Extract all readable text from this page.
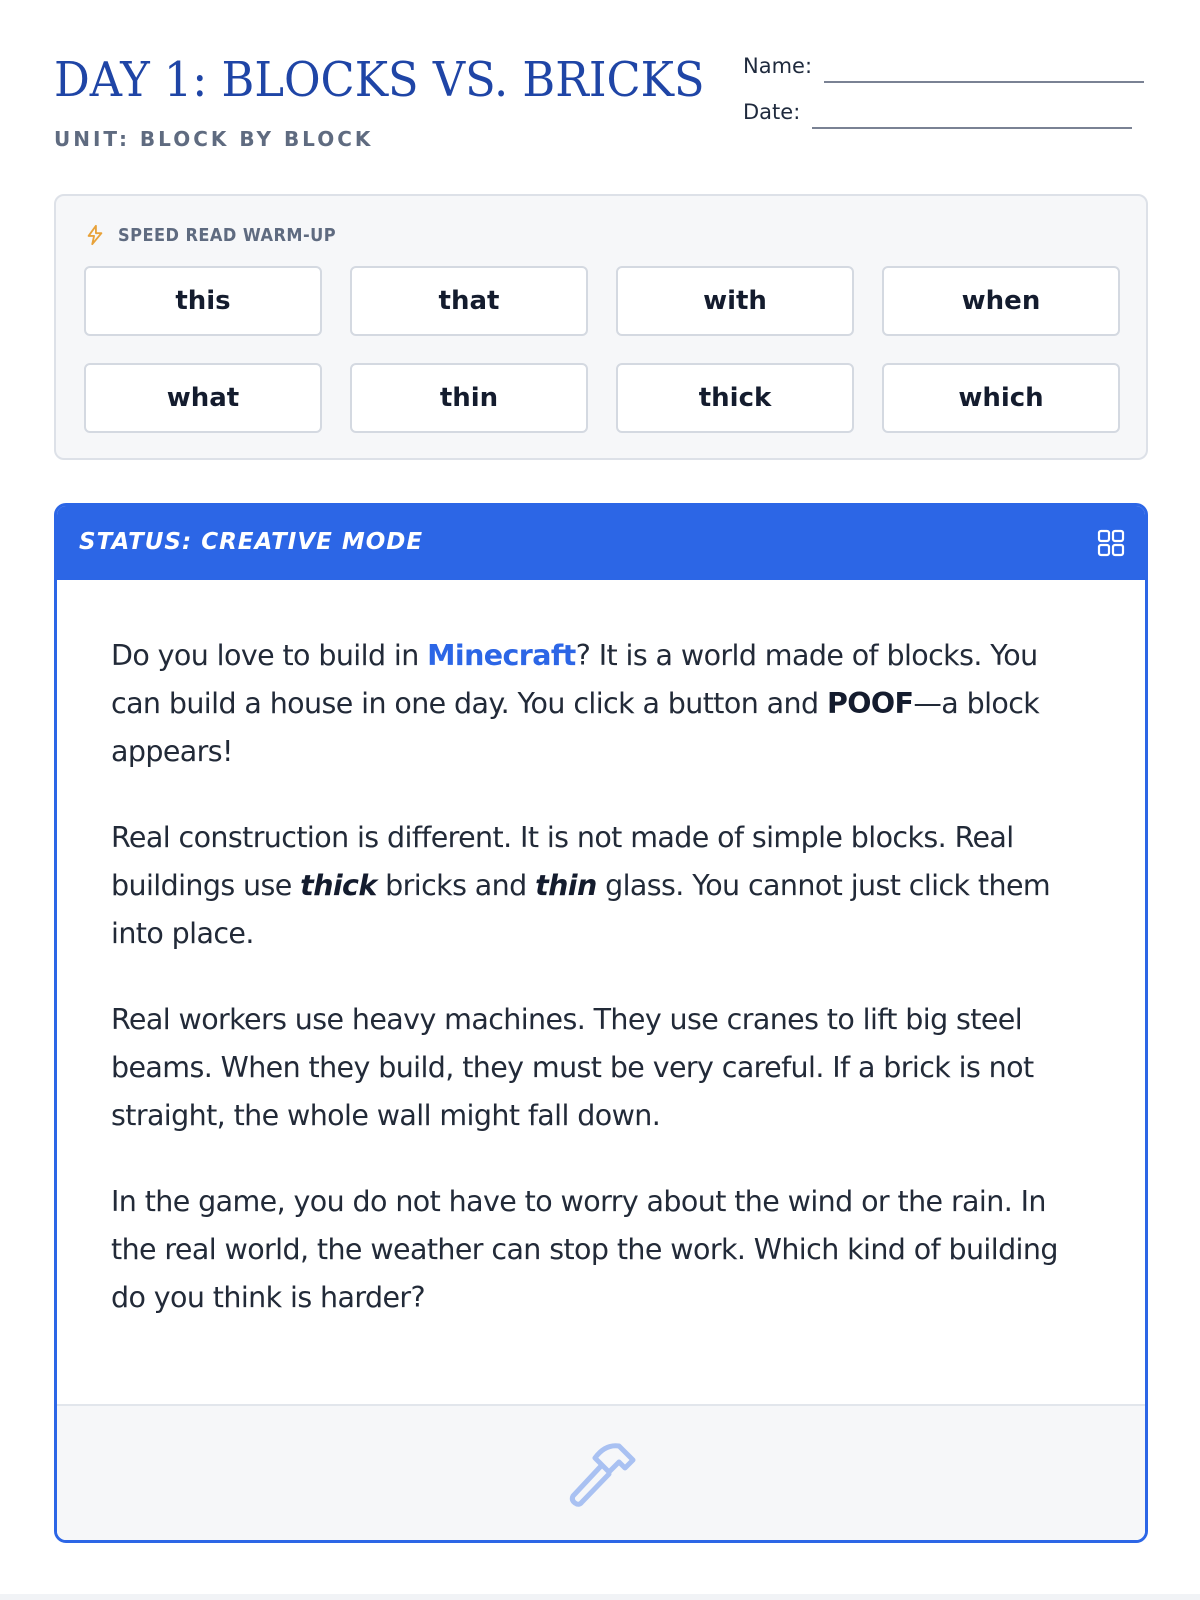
DAY 1: BLOCKS VS. BRICKS
UNIT: BLOCK BY BLOCK
Name:
Date:
SPEED READ WARM-UP
this	that	with	when
what	thin	thick	which
STATUS: CREATIVE MODE

Do you love to build in Minecraft? It is a world made of blocks. You can build a house in one day. You click a button and POOF—a block appears!

Real construction is different. It is not made of simple blocks. Real buildings use thick bricks and thin glass. You cannot just click them into place.

Real workers use heavy machines. They use cranes to lift big steel beams. When they build, they must be very careful. If a brick is not straight, the whole wall might fall down.

In the game, you do not have to worry about the wind or the rain. In the real world, the weather can stop the work. Which kind of building do you think is harder?
